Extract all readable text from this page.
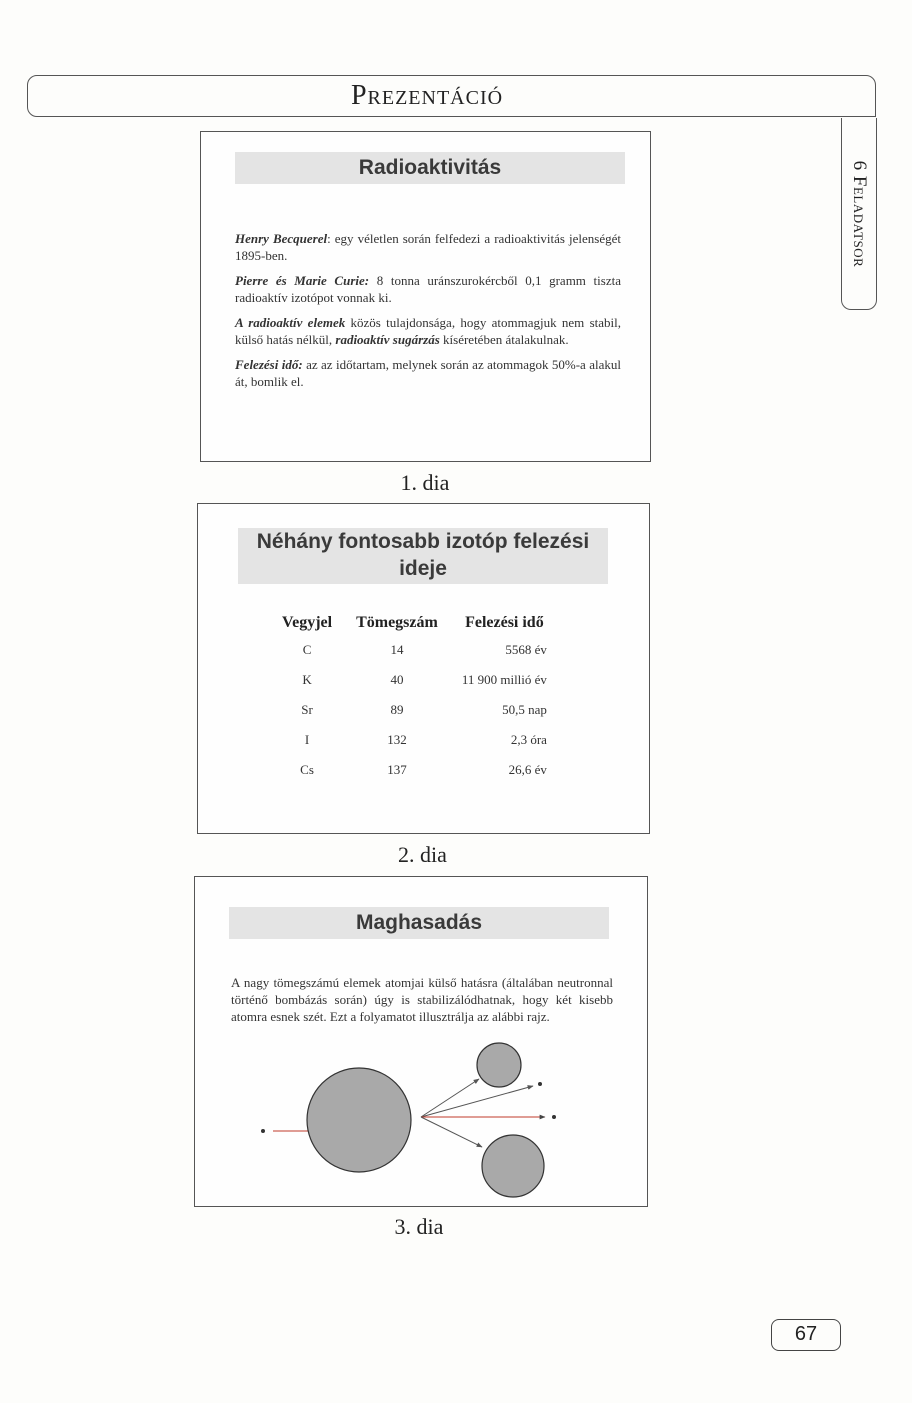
Prezentáció
6 Feladatsor
Radioaktivitás

Henry Becquerel: egy véletlen során felfedezi a radioaktivitás jelenségét 1895-ben.

Pierre és Marie Curie: 8 tonna uránszurokércből 0,1 gramm tiszta radioaktív izotópot vonnak ki.

A radioaktív elemek közös tulajdonsága, hogy atommagjuk nem stabil, külső hatás nélkül, radioaktív sugárzás kíséretében átalakulnak.

Felezési idő: az az időtartam, melynek során az atommagok 50%-a alakul át, bomlik el.

1. dia
Néhány fontosabb izotóp felezési
ideje
Vegyjel	Tömegszám	Felezési idő
C	14	5568 év
K	40	11 900 millió év
Sr	89	50,5 nap
I	132	2,3 óra
Cs	137	26,6 év
2. dia
Maghasadás
A nagy tömegszámú elemek atomjai külső hatásra (általában neutronnal történő bombázás során) úgy is stabilizálódhatnak, hogy két kisebb atomra esnek szét. Ezt a folyamatot illusztrálja az alábbi rajz.
3. dia
67
